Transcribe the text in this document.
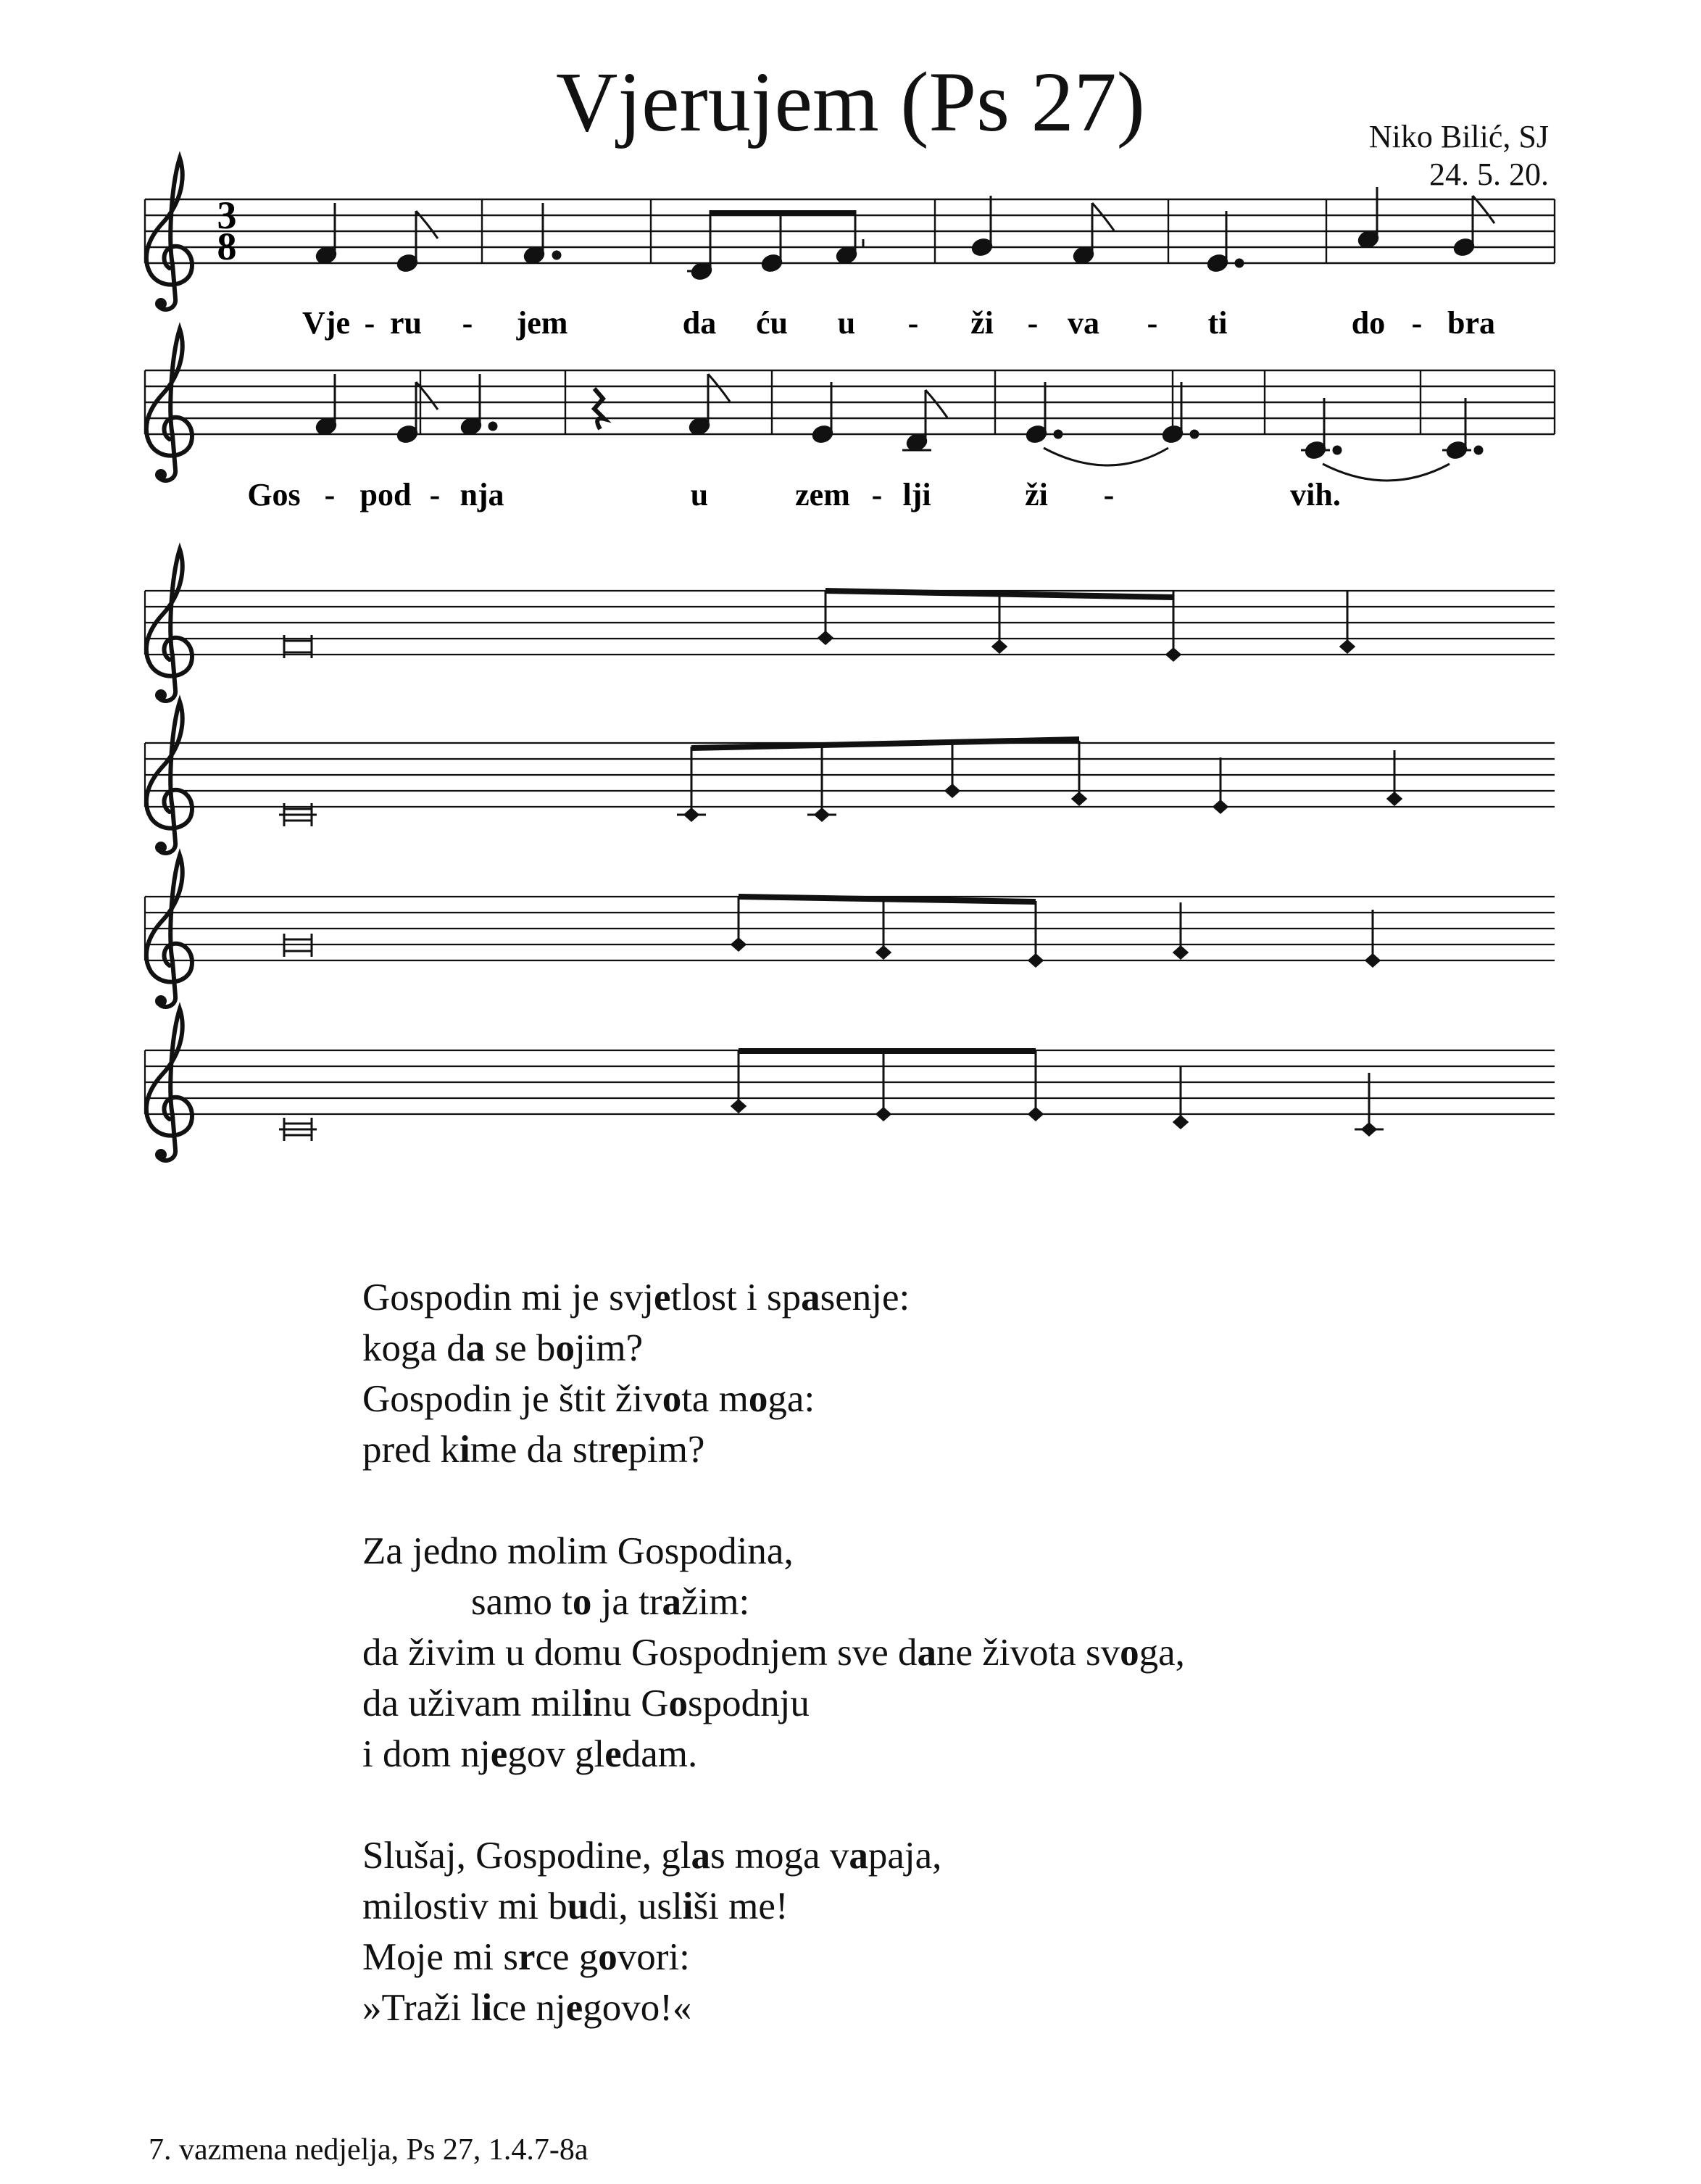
Vjerujem (Ps 27)	Niko Bilić, SJ
24. 5. 20.
3
8
Vje - ru - jem	da ću u - ži - va - ti	do - bra
Gos - pod - nja	u	zem - lji	ži -	vih.
Gospodin mi je svjetlost i spasenje:
koga da se bojim?
Gospodin je štit života moga:
pred kime da strepim?
Za jedno molim Gospodina,
samo to ja tražim:
da živim u domu Gospodnjem sve dane života svoga,
da uživam milinu Gospodnju
i dom njegov gledam.
Slušaj, Gospodine, glas moga vapaja,
milostiv mi budi, usliši me!
Moje mi srce govori:
»Traži lice njegovo!«
7. vazmena nedjelja, Ps 27, 1.4.7-8a
